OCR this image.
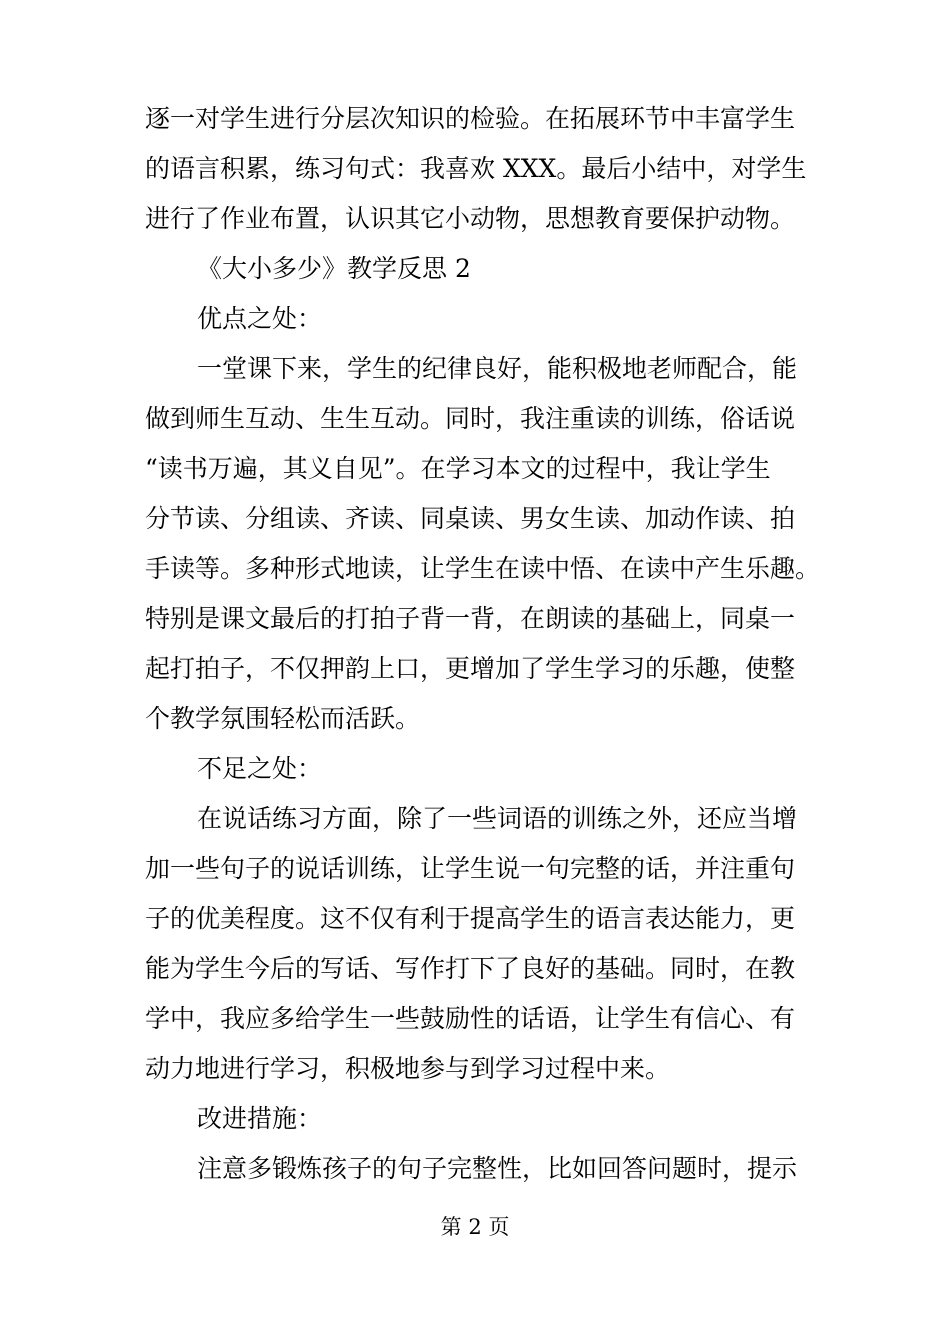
逐一对学生进行分层次知识的检验。在拓展环节中丰富学生
的语言积累，练习句式：我喜欢 XXX。最后小结中，对学生
进行了作业布置，认识其它小动物，思想教育要保护动物。
《大小多少》教学反思 2
优点之处：
一堂课下来，学生的纪律良好，能积极地老师配合，能
做到师生互动、生生互动。同时，我注重读的训练，俗话说
“读书万遍，其义自见”。在学习本文的过程中，我让学生
分节读、分组读、齐读、同桌读、男女生读、加动作读、拍
手读等。多种形式地读，让学生在读中悟、在读中产生乐趣。
特别是课文最后的打拍子背一背，在朗读的基础上，同桌一
起打拍子，不仅押韵上口，更增加了学生学习的乐趣，使整
个教学氛围轻松而活跃。
不足之处：
在说话练习方面，除了一些词语的训练之外，还应当增
加一些句子的说话训练，让学生说一句完整的话，并注重句
子的优美程度。这不仅有利于提高学生的语言表达能力，更
能为学生今后的写话、写作打下了良好的基础。同时，在教
学中，我应多给学生一些鼓励性的话语，让学生有信心、有
动力地进行学习，积极地参与到学习过程中来。
改进措施：
注意多锻炼孩子的句子完整性，比如回答问题时，提示
第 2 页
